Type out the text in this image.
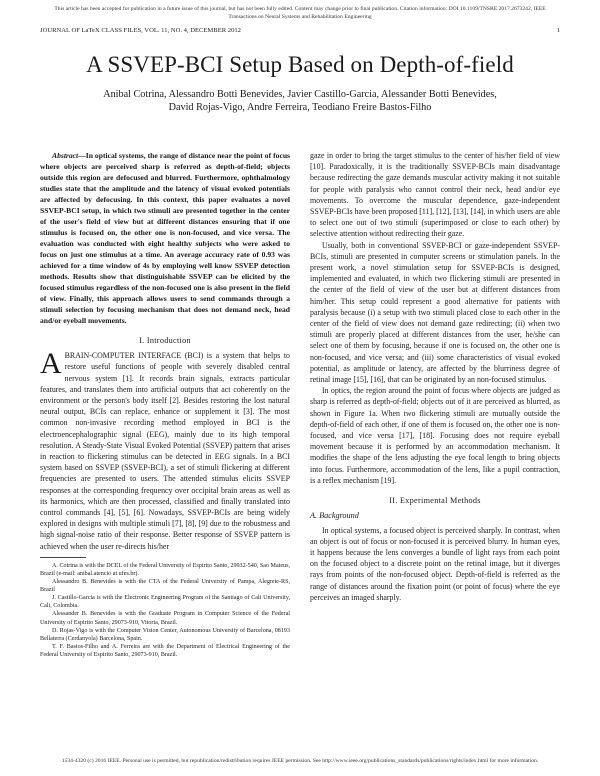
This article has been accepted for publication in a future issue of this journal, but has not been fully edited. Content may change prior to final publication. Citation information: DOI 10.1109/TNSRE.2017.2673242, IEEE Transactions on Neural Systems and Rehabilitation Engineering
JOURNAL OF LaTeX CLASS FILES, VOL. 11, NO. 4, DECEMBER 2012	1
A SSVEP-BCI Setup Based on Depth-of-field
Anibal Cotrina, Alessandro Botti Benevides, Javier Castillo-Garcia, Alessander Botti Benevides,
David Rojas-Vigo, Andre Ferreira, Teodiano Freire Bastos-Filho

Abstract—In optical systems, the range of distance near the point of focus where objects are perceived sharp is referred as depth-of-field; objects outside this region are defocused and blurred. Furthermore, ophthalmology studies state that the amplitude and the latency of visual evoked potentials are affected by defocusing. In this context, this paper evaluates a novel SSVEP-BCI setup, in which two stimuli are presented together in the center of the user's field of view but at different distances ensuring that if one stimulus is focused on, the other one is non-focused, and vice versa. The evaluation was conducted with eight healthy subjects who were asked to focus on just one stimulus at a time. An average accuracy rate of 0.93 was achieved for a time window of 4s by employing well know SSVEP detection methods. Results show that distinguishable SSVEP can be elicited by the focused stimulus regardless of the non-focused one is also present in the field of view. Finally, this approach allows users to send commands through a stimuli selection by focusing mechanism that does not demand neck, head and/or eyeball movements.

I. Introduction

ABRAIN-COMPUTER INTERFACE (BCI) is a system that helps to restore useful functions of people with severely disabled central nervous system [1]. It records brain signals, extracts particular features, and translates them into artificial outputs that act coherently on the environment or the person's body itself [2]. Besides restoring the lost natural neural output, BCIs can replace, enhance or supplement it [3]. The most common non-invasive recording method employed in BCI is the electroencephalographic signal (EEG), mainly due to its high temporal resolution. A Steady-State Visual Evoked Potential (SSVEP) pattern that arises in reaction to flickering stimulus can be detected in EEG signals. In a BCI system based on SSVEP (SSVEP-BCI), a set of stimuli flickering at different frequencies are presented to users. The attended stimulus elicits SSVEP responses at the corresponding frequency over occipital brain areas as well as its harmonics, which are then processed, classified and finally translated into control commands [4], [5], [6]. Nowadays, SSVEP-BCIs are being widely explored in designs with multiple stimuli [7], [8], [9] due to the robustness and high signal-noise ratio of their response. Better response of SSVEP pattern is achieved when the user re-directs his/her

A. Cotrina is with the DCEL of the Federal University of Espirito Santo, 29932-540, Sao Mateus, Brazil (e-mail: anibal.atencio at ufes.br).

Alessandro B. Benevides is with the CTA of the Federal University of Pampa, Alegrete-RS, Brazil

J. Castillo-Garcia is with the Electronic Engineering Program of the Santiago of Cali University, Cali, Colombia.

Alessander B. Benevides is with the Graduate Program in Computer Science of the Federal University of Espirito Santo, 29073-910, Vitoria, Brazil.

D. Rojas-Vigo is with the Computer Vision Center, Autonomous University of Barcelona, 08193 Bellaterra (Cerdanyola) Barcelona, Spain.

T. F. Bastos-Filho and A. Ferreira are with the Department of Electrical Engineering of the Federal University of Espirito Santo, 29073-910, Brazil.

gaze in order to bring the target stimulus to the center of his/her field of view [10]. Paradoxically, it is the traditionally SSVEP-BCIs main disadvantage because redirecting the gaze demands muscular activity making it not suitable for people with paralysis who cannot control their neck, head and/or eye movements. To overcome the muscular dependence, gaze-independent SSVEP-BCIs have been proposed [11], [12], [13], [14], in which users are able to select one out of two stimuli (superimposed or close to each other) by selective attention without redirecting their gaze.

Usually, both in conventional SSVEP-BCI or gaze-independent SSVEP-BCIs, stimuli are presented in computer screens or stimulation panels. In the present work, a novel stimulation setup for SSVEP-BCIs is designed, implemented and evaluated, in which two flickering stimuli are presented in the center of the field of view of the user but at different distances from him/her. This setup could represent a good alternative for patients with paralysis because (i) a setup with two stimuli placed close to each other in the center of the field of view does not demand gaze redirecting; (ii) when two stimuli are properly placed at different distances from the user, he/she can select one of them by focusing, because if one is focused on, the other one is non-focused, and vice versa; and (iii) some characteristics of visual evoked potential, as amplitude or latency, are affected by the blurriness degree of retinal image [15], [16], that can be originated by an non-focused stimulus.

In optics, the region around the point of focus where objects are judged as sharp is referred as depth-of-field; objects out of it are perceived as blurred, as shown in Figure 1a. When two flickering stimuli are mutually outside the depth-of-field of each other, if one of them is focused on, the other one is non-focused, and vice versa [17], [18]. Focusing does not require eyeball movement because it is performed by an accommodation mechanism. It modifies the shape of the lens adjusting the eye focal length to bring objects into focus. Furthermore, accommodation of the lens, like a pupil contraction, is a reflex mechanism [19].

II. Experimental Methods
A. Background

In optical systems, a focused object is perceived sharply. In contrast, when an object is out of focus or non-focused it is perceived blurry. In human eyes, it happens because the lens converges a bundle of light rays from each point on the focused object to a discrete point on the retinal image, but it diverges rays from points of the non-focused object. Depth-of-field is referred as the range of distances around the fixation point (or point of focus) where the eye perceives an imaged sharply.

1534-4320 (c) 2016 IEEE. Personal use is permitted, but republication/redistribution requires IEEE permission. See http://www.ieee.org/publications_standards/publications/rights/index.html for more information.
